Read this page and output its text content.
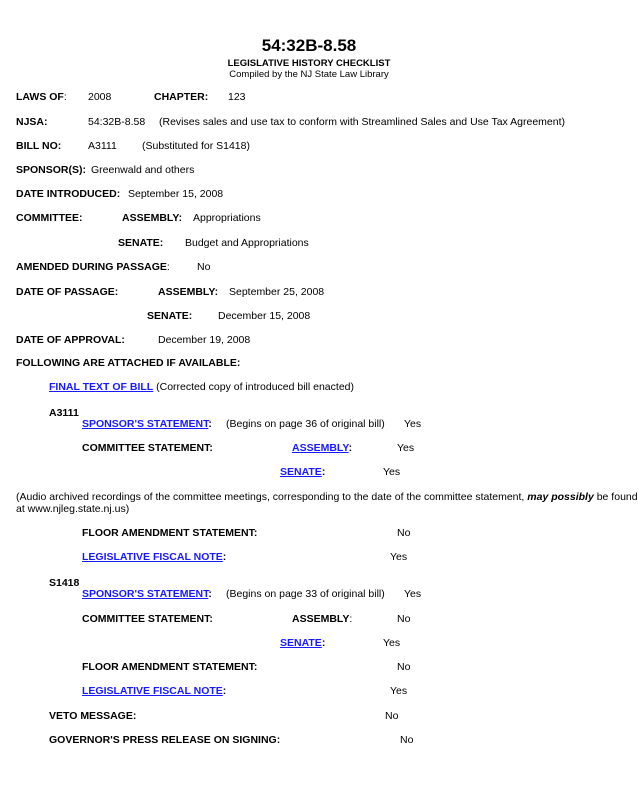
54:32B-8.58
LEGISLATIVE HISTORY CHECKLIST
Compiled by the NJ State Law Library
LAWS OF: 2008	CHAPTER: 123
NJSA:	54:32B-8.58 (Revises sales and use tax to conform with Streamlined Sales and Use Tax Agreement)
BILL NO:	A3111 (Substituted for S1418)
SPONSOR(S): Greenwald and others
DATE INTRODUCED: September 15, 2008
COMMITTEE:	ASSEMBLY: Appropriations
SENATE: Budget and Appropriations
AMENDED DURING PASSAGE:	No
DATE OF PASSAGE:	ASSEMBLY: September 25, 2008
SENATE: December 15, 2008
DATE OF APPROVAL:	December 19, 2008
FOLLOWING ARE ATTACHED IF AVAILABLE:
FINAL TEXT OF BILL (Corrected copy of introduced bill enacted)
A3111
SPONSOR'S STATEMENT: (Begins on page 36 of original bill) Yes
COMMITTEE STATEMENT:	ASSEMBLY:	Yes
SENATE:	Yes
(Audio archived recordings of the committee meetings, corresponding to the date of the committee statement, may possibly be found
at www.njleg.state.nj.us)
FLOOR AMENDMENT STATEMENT:	No
LEGISLATIVE FISCAL NOTE:	Yes
S1418
SPONSOR'S STATEMENT: (Begins on page 33 of original bill) Yes
COMMITTEE STATEMENT:	ASSEMBLY:	No
SENATE:	Yes
FLOOR AMENDMENT STATEMENT:	No
LEGISLATIVE FISCAL NOTE:	Yes
VETO MESSAGE:	No
GOVERNOR'S PRESS RELEASE ON SIGNING:	No
